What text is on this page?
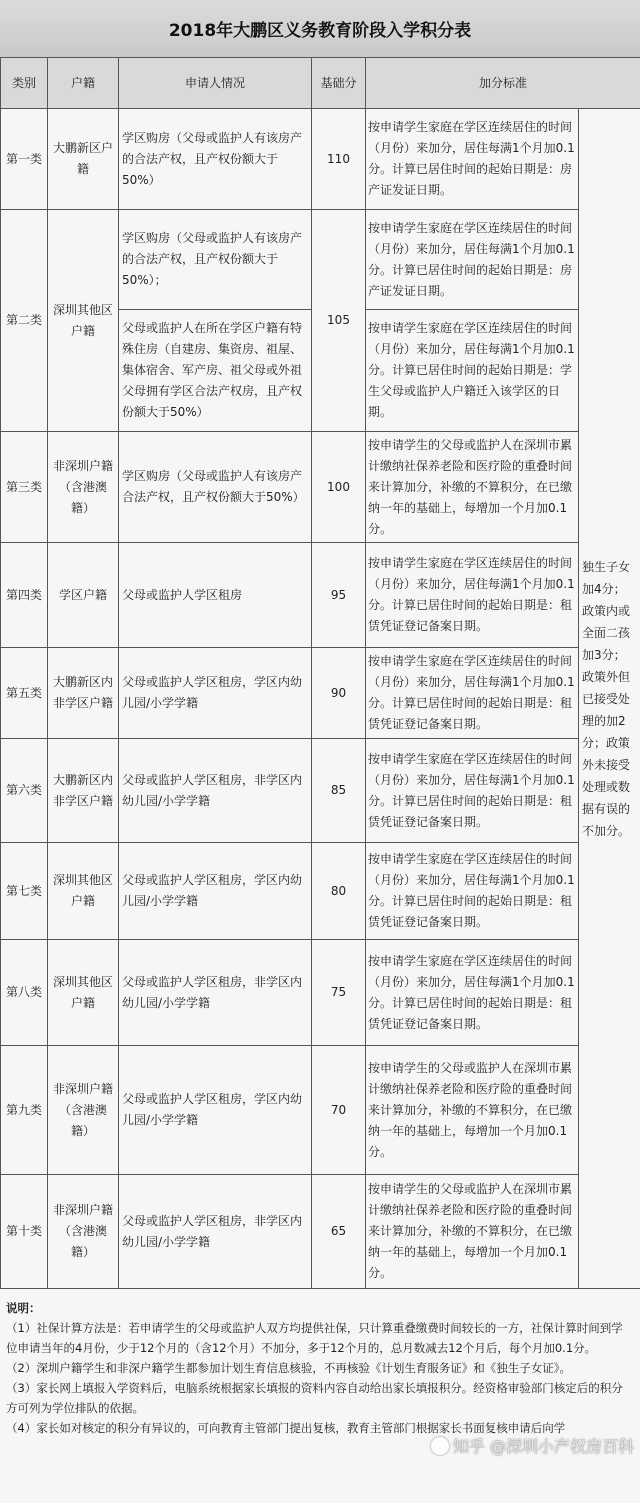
2018年大鹏区义务教育阶段入学积分表
类别	户籍	申请人情况	基础分	加分标准	
第一类	大鹏新区户籍	学区购房（父母或监护人有该房产的合法产权，且产权份额大于50%）	110	按申请学生家庭在学区连续居住的时间（月份）来加分，居住每满1个月加0.1分。计算已居住时间的起始日期是：房产证发证日期。	独生子女加4分；政策内或全面二孩加3分；政策外但已接受处理的加2分；政策外未接受处理或数据有误的不加分。
第二类	深圳其他区户籍	学区购房（父母或监护人有该房产的合法产权，且产权份额大于50%）；	105	按申请学生家庭在学区连续居住的时间（月份）来加分，居住每满1个月加0.1分。计算已居住时间的起始日期是：房产证发证日期。	
		父母或监护人在所在学区户籍有特殊住房（自建房、集资房、祖屋、集体宿舍、军产房、祖父母或外祖父母拥有学区合法产权房，且产权份额大于50%）		按申请学生家庭在学区连续居住的时间（月份）来加分，居住每满1个月加0.1分。计算已居住时间的起始日期是：学生父母或监护人户籍迁入该学区的日期。	
第三类	非深圳户籍（含港澳籍）	学区购房（父母或监护人有该房产合法产权，且产权份额大于50%）	100	按申请学生的父母或监护人在深圳市累计缴纳社保养老险和医疗险的重叠时间来计算加分，补缴的不算积分，在已缴纳一年的基础上，每增加一个月加0.1分。	
第四类	学区户籍	父母或监护人学区租房	95	按申请学生家庭在学区连续居住的时间（月份）来加分，居住每满1个月加0.1分。计算已居住时间的起始日期是：租赁凭证登记备案日期。	
第五类	大鹏新区内非学区户籍	父母或监护人学区租房，学区内幼儿园/小学学籍	90	按申请学生家庭在学区连续居住的时间（月份）来加分，居住每满1个月加0.1分。计算已居住时间的起始日期是：租赁凭证登记备案日期。	
第六类	大鹏新区内非学区户籍	父母或监护人学区租房，非学区内幼儿园/小学学籍	85	按申请学生家庭在学区连续居住的时间（月份）来加分，居住每满1个月加0.1分。计算已居住时间的起始日期是：租赁凭证登记备案日期。	
第七类	深圳其他区户籍	父母或监护人学区租房，学区内幼儿园/小学学籍	80	按申请学生家庭在学区连续居住的时间（月份）来加分，居住每满1个月加0.1分。计算已居住时间的起始日期是：租赁凭证登记备案日期。	
第八类	深圳其他区户籍	父母或监护人学区租房，非学区内幼儿园/小学学籍	75	按申请学生家庭在学区连续居住的时间（月份）来加分，居住每满1个月加0.1分。计算已居住时间的起始日期是：租赁凭证登记备案日期。	
第九类	非深圳户籍（含港澳籍）	父母或监护人学区租房，学区内幼儿园/小学学籍	70	按申请学生的父母或监护人在深圳市累计缴纳社保养老险和医疗险的重叠时间来计算加分，补缴的不算积分，在已缴纳一年的基础上，每增加一个月加0.1分。	
第十类	非深圳户籍（含港澳籍）	父母或监护人学区租房，非学区内幼儿园/小学学籍	65	按申请学生的父母或监护人在深圳市累计缴纳社保养老险和医疗险的重叠时间来计算加分，补缴的不算积分，在已缴纳一年的基础上，每增加一个月加0.1分。	

说明：

（1）社保计算方法是：若申请学生的父母或监护人双方均提供社保，只计算重叠缴费时间较长的一方，社保计算时间到学位申请当年的4月份，少于12个月的（含12个月）不加分，多于12个月的，总月数减去12个月后，每个月加0.1分。

（2）深圳户籍学生和非深户籍学生都参加计划生育信息核验，不再核验《计划生育服务证》和《独生子女证》。

（3）家长网上填报入学资料后，电脑系统根据家长填报的资料内容自动给出家长填报积分。经资格审验部门核定后的积分方可列为学位排队的依据。

（4）家长如对核定的积分有异议的，可向教育主管部门提出复核，教育主管部门根据家长书面复核申请后向学

知乎 @深圳小产权房百科
